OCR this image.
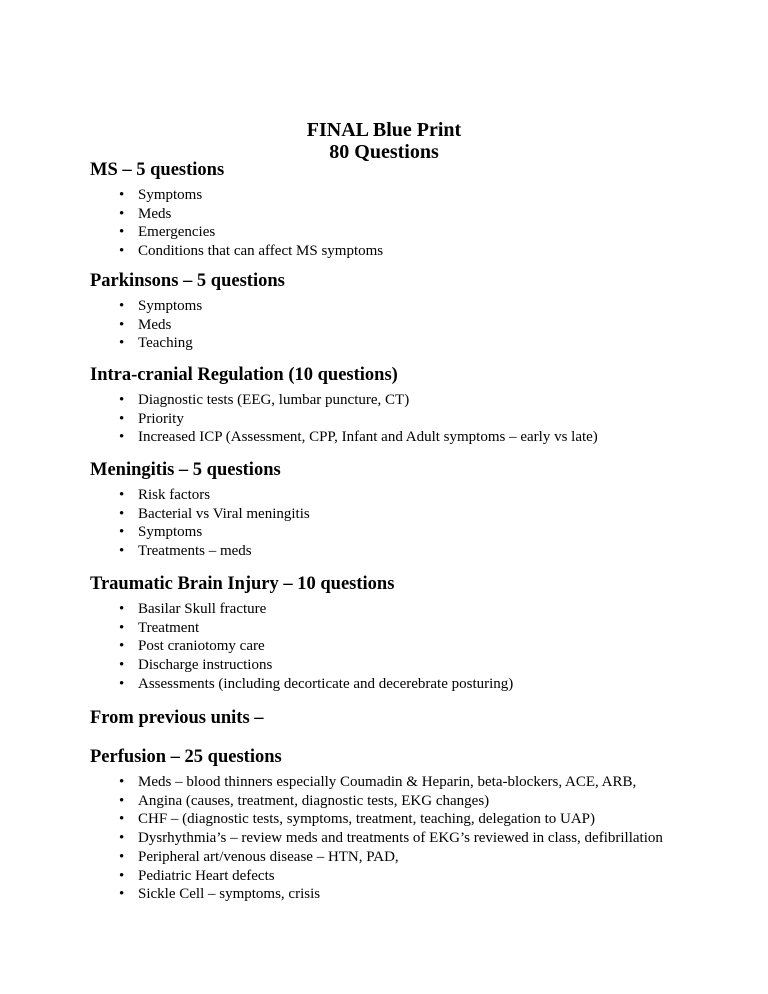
FINAL Blue Print
80 Questions
MS – 5 questions
• Symptoms
• Meds
• Emergencies
• Conditions that can affect MS symptoms
Parkinsons – 5 questions
• Symptoms
• Meds
• Teaching
Intra-cranial Regulation (10 questions)
• Diagnostic tests (EEG, lumbar puncture, CT)
• Priority
• Increased ICP (Assessment, CPP, Infant and Adult symptoms – early vs late)
Meningitis – 5 questions
• Risk factors
• Bacterial vs Viral meningitis
• Symptoms
• Treatments – meds
Traumatic Brain Injury – 10 questions
• Basilar Skull fracture
• Treatment
• Post craniotomy care
• Discharge instructions
• Assessments (including decorticate and decerebrate posturing)
From previous units –
Perfusion – 25 questions
• Meds – blood thinners especially Coumadin & Heparin, beta-blockers, ACE, ARB,
• Angina (causes, treatment, diagnostic tests, EKG changes)
• CHF – (diagnostic tests, symptoms, treatment, teaching, delegation to UAP)
• Dysrhythmia’s – review meds and treatments of EKG’s reviewed in class, defibrillation
• Peripheral art/venous disease – HTN, PAD,
• Pediatric Heart defects
• Sickle Cell – symptoms, crisis
